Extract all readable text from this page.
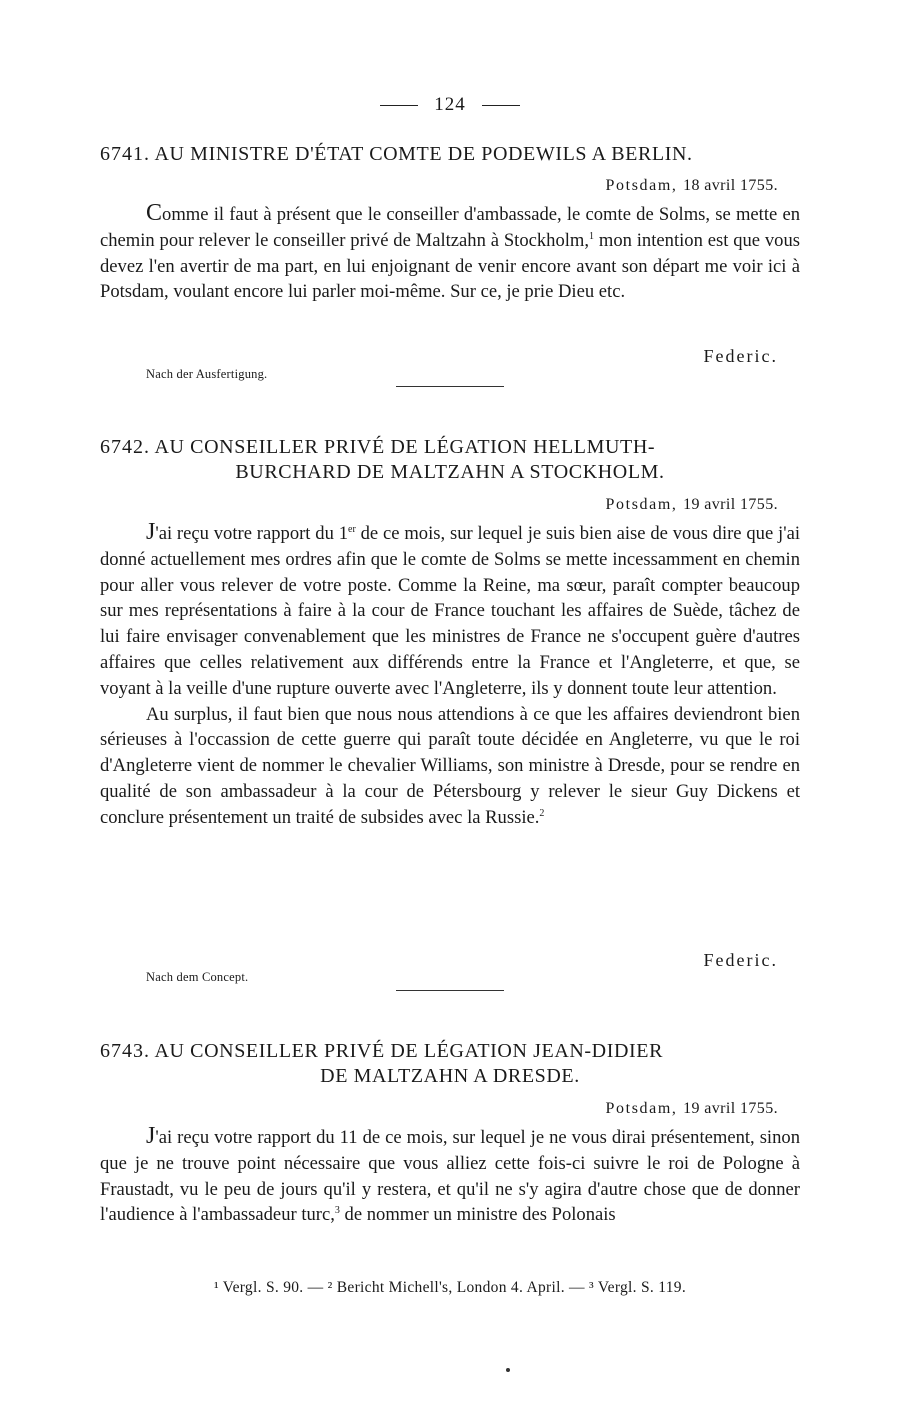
124
6741. AU MINISTRE D'ÉTAT COMTE DE PODEWILS A BERLIN.
Potsdam, 18 avril 1755.

Comme il faut à présent que le conseiller d'ambassade, le comte de Solms, se mette en chemin pour relever le conseiller privé de Maltzahn à Stockholm,$^1$ mon intention est que vous devez l'en avertir de ma part, en lui enjoignant de venir encore avant son départ me voir ici à Potsdam, voulant encore lui parler moi-même. Sur ce, je prie Dieu etc.

Federic.
Nach der Ausfertigung.
6742. AU CONSEILLER PRIVÉ DE LÉGATION HELLMUTH-
BURCHARD DE MALTZAHN A STOCKHOLM.
Potsdam, 19 avril 1755.

J'ai reçu votre rapport du 1er de ce mois, sur lequel je suis bien aise de vous dire que j'ai donné actuellement mes ordres afin que le comte de Solms se mette incessamment en chemin pour aller vous relever de votre poste. Comme la Reine, ma sœur, paraît compter beaucoup sur mes représentations à faire à la cour de France touchant les affaires de Suède, tâchez de lui faire envisager convenablement que les ministres de France ne s'occupent guère d'autres affaires que celles relativement aux différends entre la France et l'Angleterre, et que, se voyant à la veille d'une rupture ouverte avec l'Angleterre, ils y donnent toute leur attention.

Au surplus, il faut bien que nous nous attendions à ce que les affaires deviendront bien sérieuses à l'occassion de cette guerre qui paraît toute décidée en Angleterre, vu que le roi d'Angleterre vient de nommer le chevalier Williams, son ministre à Dresde, pour se rendre en qualité de son ambassadeur à la cour de Pétersbourg y relever le sieur Guy Dickens et conclure présentement un traité de subsides avec la Russie.$^2$

Federic.
Nach dem Concept.
6743. AU CONSEILLER PRIVÉ DE LÉGATION JEAN-DIDIER
DE MALTZAHN A DRESDE.
Potsdam, 19 avril 1755.

J'ai reçu votre rapport du 11 de ce mois, sur lequel je ne vous dirai présentement, sinon que je ne trouve point nécessaire que vous alliez cette fois-ci suivre le roi de Pologne à Fraustadt, vu le peu de jours qu'il y restera, et qu'il ne s'y agira d'autre chose que de donner l'audience à l'ambassadeur turc,$^3$ de nommer un ministre des Polonais

¹ Vergl. S. 90. — ² Bericht Michell's, London 4. April. — ³ Vergl. S. 119.
